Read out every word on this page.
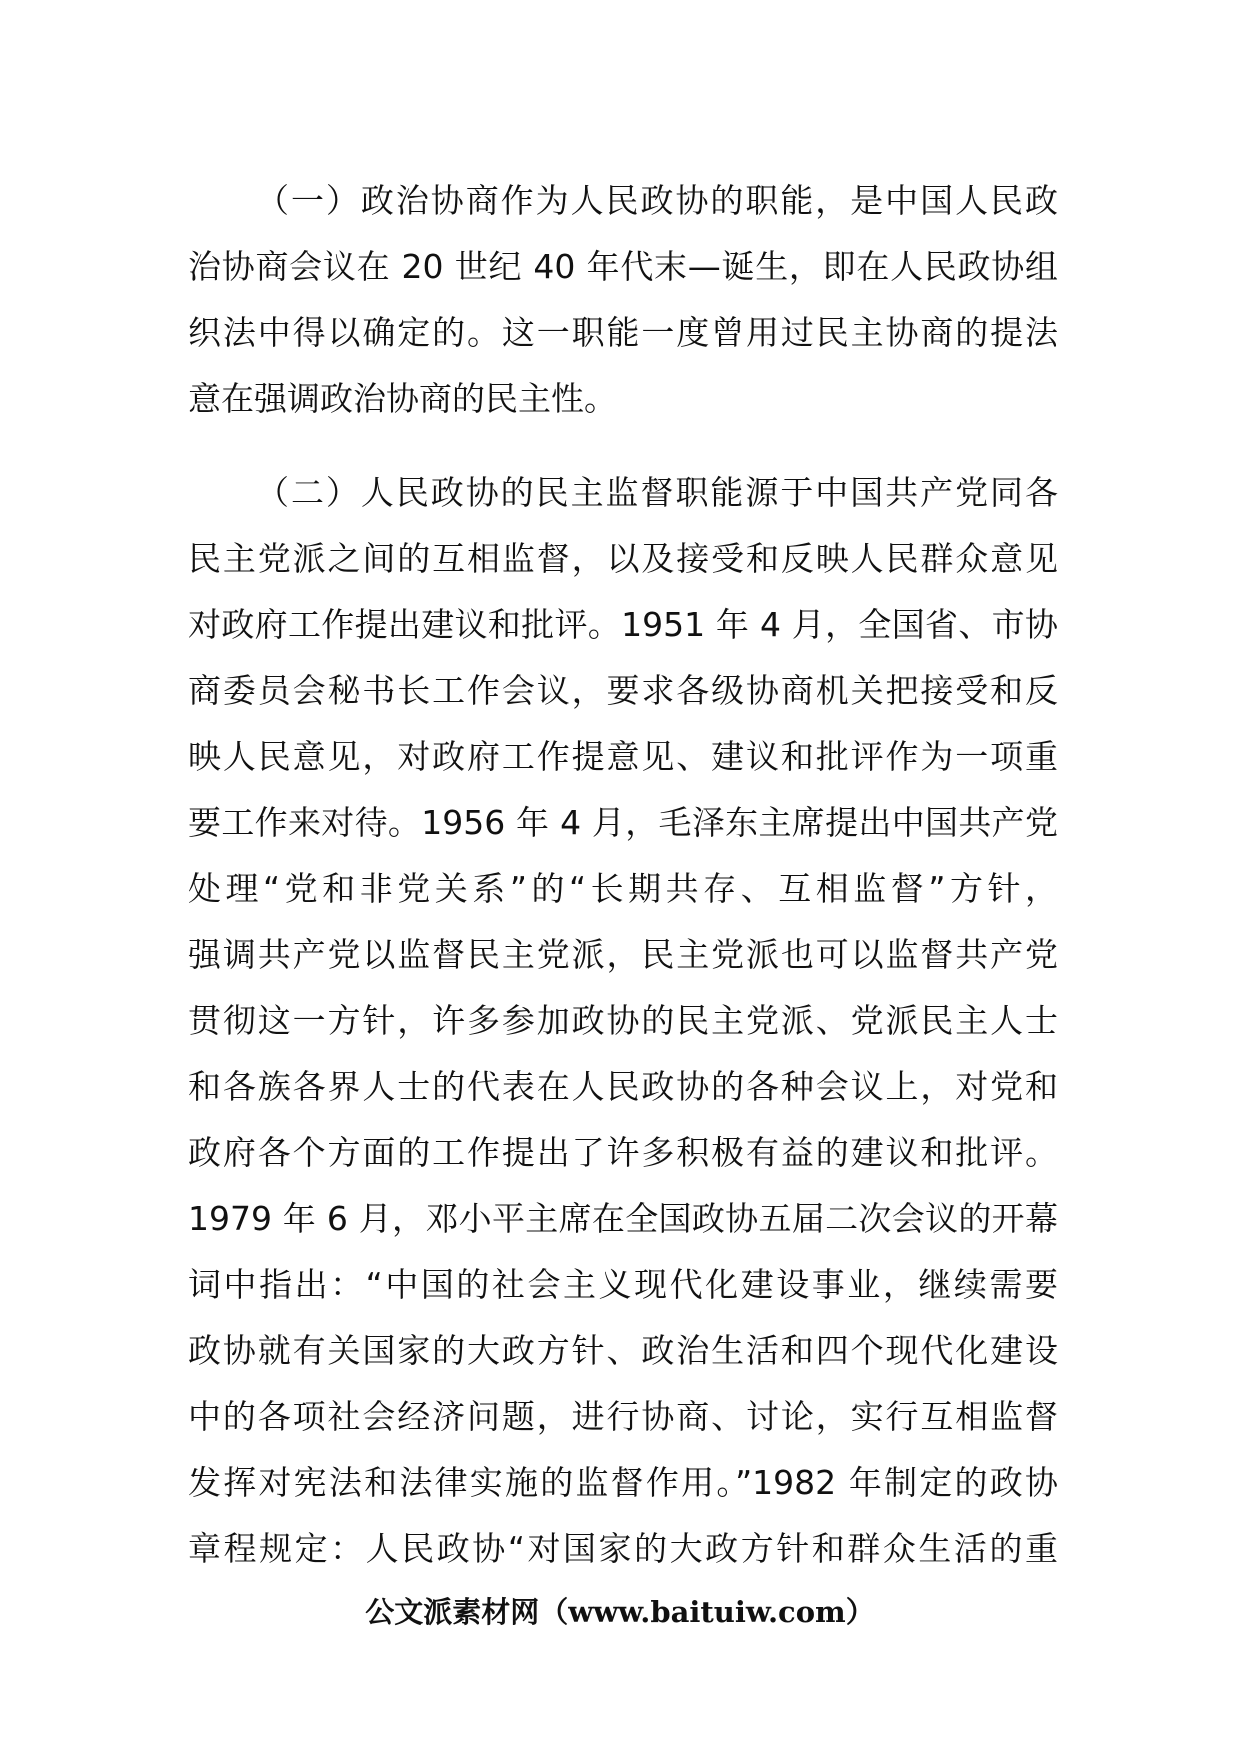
（一）政治协商作为人民政协的职能，是中国人民政
治协商会议在 20 世纪 40 年代末—诞生，即在人民政协组
织法中得以确定的。这一职能一度曾用过民主协商的提法
意在强调政治协商的民主性。
（二）人民政协的民主监督职能源于中国共产党同各
民主党派之间的互相监督，以及接受和反映人民群众意见
对政府工作提出建议和批评。1951 年 4 月，全国省、市协
商委员会秘书长工作会议，要求各级协商机关把接受和反
映人民意见，对政府工作提意见、建议和批评作为一项重
要工作来对待。1956 年 4 月，毛泽东主席提出中国共产党
处理“党和非党关系”的“长期共存、互相监督”方针，
强调共产党以监督民主党派，民主党派也可以监督共产党
贯彻这一方针，许多参加政协的民主党派、党派民主人士
和各族各界人士的代表在人民政协的各种会议上，对党和
政府各个方面的工作提出了许多积极有益的建议和批评。
1979 年 6 月，邓小平主席在全国政协五届二次会议的开幕
词中指出：“中国的社会主义现代化建设事业，继续需要
政协就有关国家的大政方针、政治生活和四个现代化建设
中的各项社会经济问题，进行协商、讨论，实行互相监督
发挥对宪法和法律实施的监督作用。”1982 年制定的政协
章程规定：人民政协“对国家的大政方针和群众生活的重
公文派素材网（www.baituiw.com）
